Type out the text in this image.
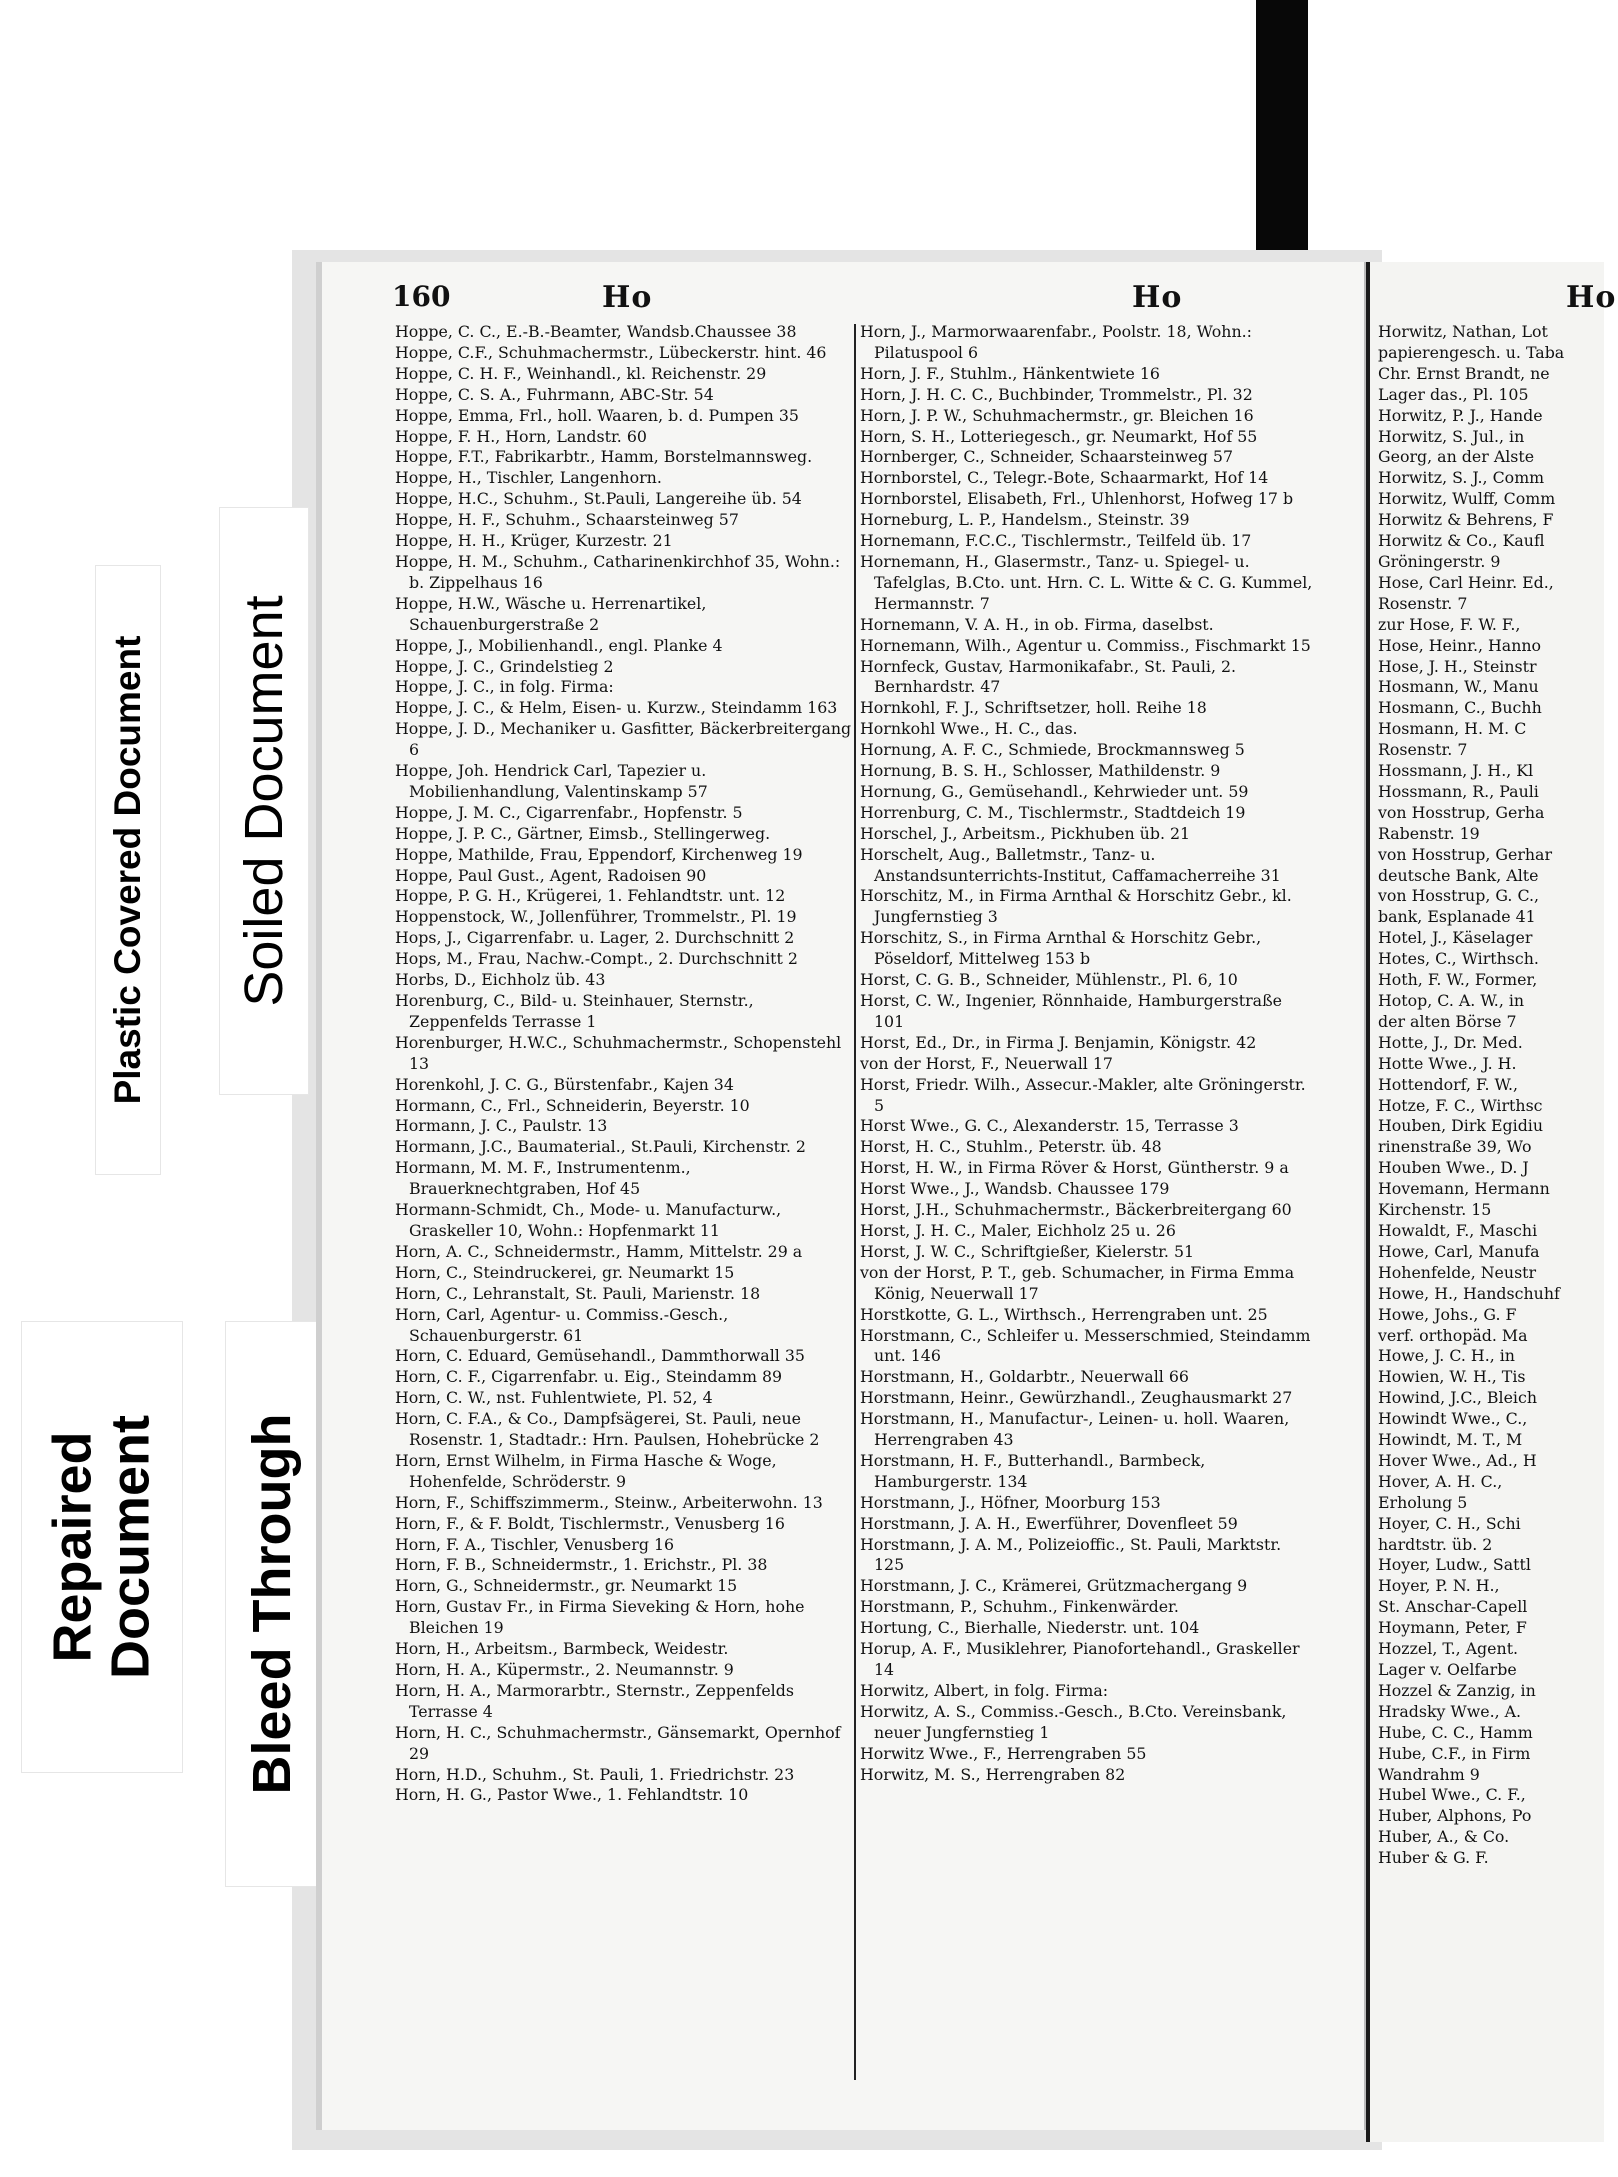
Plastic Covered Document Soiled Document
Repaired
Document Bleed Through
160	Ho	Ho

Hoppe, C. C., E.-B.-Beamter, Wandsb.Chaussee 38

Hoppe, C.F., Schuhmachermstr., Lübeckerstr. hint. 46

Hoppe, C. H. F., Weinhandl., kl. Reichenstr. 29

Hoppe, C. S. A., Fuhrmann, ABC-Str. 54

Hoppe, Emma, Frl., holl. Waaren, b. d. Pumpen 35

Hoppe, F. H., Horn, Landstr. 60

Hoppe, F.T., Fabrikarbtr., Hamm, Borstelmannsweg.

Hoppe, H., Tischler, Langenhorn.

Hoppe, H.C., Schuhm., St.Pauli, Langereihe üb. 54

Hoppe, H. F., Schuhm., Schaarsteinweg 57

Hoppe, H. H., Krüger, Kurzestr. 21

Hoppe, H. M., Schuhm., Catharinenkirchhof 35, Wohn.: b. Zippelhaus 16

Hoppe, H.W., Wäsche u. Herrenartikel, Schauenburgerstraße 2

Hoppe, J., Mobilienhandl., engl. Planke 4

Hoppe, J. C., Grindelstieg 2

Hoppe, J. C., in folg. Firma:

Hoppe, J. C., & Helm, Eisen- u. Kurzw., Steindamm 163

Hoppe, J. D., Mechaniker u. Gasfitter, Bäckerbreitergang 6

Hoppe, Joh. Hendrick Carl, Tapezier u. Mobilienhandlung, Valentinskamp 57

Hoppe, J. M. C., Cigarrenfabr., Hopfenstr. 5

Hoppe, J. P. C., Gärtner, Eimsb., Stellingerweg.

Hoppe, Mathilde, Frau, Eppendorf, Kirchenweg 19

Hoppe, Paul Gust., Agent, Radoisen 90

Hoppe, P. G. H., Krügerei, 1. Fehlandtstr. unt. 12

Hoppenstock, W., Jollenführer, Trommelstr., Pl. 19

Hops, J., Cigarrenfabr. u. Lager, 2. Durchschnitt 2

Hops, M., Frau, Nachw.-Compt., 2. Durchschnitt 2

Horbs, D., Eichholz üb. 43

Horenburg, C., Bild- u. Steinhauer, Sternstr., Zeppenfelds Terrasse 1

Horenburger, H.W.C., Schuhmachermstr., Schopenstehl 13

Horenkohl, J. C. G., Bürstenfabr., Kajen 34

Hormann, C., Frl., Schneiderin, Beyerstr. 10

Hormann, J. C., Paulstr. 13

Hormann, J.C., Baumaterial., St.Pauli, Kirchenstr. 2

Hormann, M. M. F., Instrumentenm., Brauerknechtgraben, Hof 45

Hormann-Schmidt, Ch., Mode- u. Manufacturw., Graskeller 10, Wohn.: Hopfenmarkt 11

Horn, A. C., Schneidermstr., Hamm, Mittelstr. 29 a

Horn, C., Steindruckerei, gr. Neumarkt 15

Horn, C., Lehranstalt, St. Pauli, Marienstr. 18

Horn, Carl, Agentur- u. Commiss.-Gesch., Schauenburgerstr. 61

Horn, C. Eduard, Gemüsehandl., Dammthorwall 35

Horn, C. F., Cigarrenfabr. u. Eig., Steindamm 89

Horn, C. W., nst. Fuhlentwiete, Pl. 52, 4

Horn, C. F.A., & Co., Dampfsägerei, St. Pauli, neue Rosenstr. 1, Stadtadr.: Hrn. Paulsen, Hohebrücke 2

Horn, Ernst Wilhelm, in Firma Hasche & Woge, Hohenfelde, Schröderstr. 9

Horn, F., Schiffszimmerm., Steinw., Arbeiterwohn. 13

Horn, F., & F. Boldt, Tischlermstr., Venusberg 16

Horn, F. A., Tischler, Venusberg 16

Horn, F. B., Schneidermstr., 1. Erichstr., Pl. 38

Horn, G., Schneidermstr., gr. Neumarkt 15

Horn, Gustav Fr., in Firma Sieveking & Horn, hohe Bleichen 19

Horn, H., Arbeitsm., Barmbeck, Weidestr.

Horn, H. A., Küpermstr., 2. Neumannstr. 9

Horn, H. A., Marmorarbtr., Sternstr., Zeppenfelds Terrasse 4

Horn, H. C., Schuhmachermstr., Gänsemarkt, Opernhof 29

Horn, H.D., Schuhm., St. Pauli, 1. Friedrichstr. 23

Horn, H. G., Pastor Wwe., 1. Fehlandtstr. 10

Horn, J., Marmorwaarenfabr., Poolstr. 18, Wohn.: Pilatuspool 6

Horn, J. F., Stuhlm., Hänkentwiete 16

Horn, J. H. C. C., Buchbinder, Trommelstr., Pl. 32

Horn, J. P. W., Schuhmachermstr., gr. Bleichen 16

Horn, S. H., Lotteriegesch., gr. Neumarkt, Hof 55

Hornberger, C., Schneider, Schaarsteinweg 57

Hornborstel, C., Telegr.-Bote, Schaarmarkt, Hof 14

Hornborstel, Elisabeth, Frl., Uhlenhorst, Hofweg 17 b

Horneburg, L. P., Handelsm., Steinstr. 39

Hornemann, F.C.C., Tischlermstr., Teilfeld üb. 17

Hornemann, H., Glasermstr., Tanz- u. Spiegel- u. Tafelglas, B.Cto. unt. Hrn. C. L. Witte & C. G. Kummel, Hermannstr. 7

Hornemann, V. A. H., in ob. Firma, daselbst.

Hornemann, Wilh., Agentur u. Commiss., Fischmarkt 15

Hornfeck, Gustav, Harmonikafabr., St. Pauli, 2. Bernhardstr. 47

Hornkohl, F. J., Schriftsetzer, holl. Reihe 18

Hornkohl Wwe., H. C., das.

Hornung, A. F. C., Schmiede, Brockmannsweg 5

Hornung, B. S. H., Schlosser, Mathildenstr. 9

Hornung, G., Gemüsehandl., Kehrwieder unt. 59

Horrenburg, C. M., Tischlermstr., Stadtdeich 19

Horschel, J., Arbeitsm., Pickhuben üb. 21

Horschelt, Aug., Balletmstr., Tanz- u. Anstandsunterrichts-Institut, Caffamacherreihe 31

Horschitz, M., in Firma Arnthal & Horschitz Gebr., kl. Jungfernstieg 3

Horschitz, S., in Firma Arnthal & Horschitz Gebr., Pöseldorf, Mittelweg 153 b

Horst, C. G. B., Schneider, Mühlenstr., Pl. 6, 10

Horst, C. W., Ingenier, Rönnhaide, Hamburgerstraße 101

Horst, Ed., Dr., in Firma J. Benjamin, Königstr. 42

von der Horst, F., Neuerwall 17

Horst, Friedr. Wilh., Assecur.-Makler, alte Gröningerstr. 5

Horst Wwe., G. C., Alexanderstr. 15, Terrasse 3

Horst, H. C., Stuhlm., Peterstr. üb. 48

Horst, H. W., in Firma Röver & Horst, Güntherstr. 9 a

Horst Wwe., J., Wandsb. Chaussee 179

Horst, J.H., Schuhmachermstr., Bäckerbreitergang 60

Horst, J. H. C., Maler, Eichholz 25 u. 26

Horst, J. W. C., Schriftgießer, Kielerstr. 51

von der Horst, P. T., geb. Schumacher, in Firma Emma König, Neuerwall 17

Horstkotte, G. L., Wirthsch., Herrengraben unt. 25

Horstmann, C., Schleifer u. Messerschmied, Steindamm unt. 146

Horstmann, H., Goldarbtr., Neuerwall 66

Horstmann, Heinr., Gewürzhandl., Zeughausmarkt 27

Horstmann, H., Manufactur-, Leinen- u. holl. Waaren, Herrengraben 43

Horstmann, H. F., Butterhandl., Barmbeck, Hamburgerstr. 134

Horstmann, J., Höfner, Moorburg 153

Horstmann, J. A. H., Ewerführer, Dovenfleet 59

Horstmann, J. A. M., Polizeioffic., St. Pauli, Marktstr. 125

Horstmann, J. C., Krämerei, Grützmachergang 9

Horstmann, P., Schuhm., Finkenwärder.

Hortung, C., Bierhalle, Niederstr. unt. 104

Horup, A. F., Musiklehrer, Pianofortehandl., Graskeller 14

Horwitz, Albert, in folg. Firma:

Horwitz, A. S., Commiss.-Gesch., B.Cto. Vereinsbank, neuer Jungfernstieg 1

Horwitz Wwe., F., Herrengraben 55

Horwitz, M. S., Herrengraben 82

Ho

Horwitz, Nathan, Lot

papierengesch. u. Taba

Chr. Ernst Brandt, ne

Lager das., Pl. 105

Horwitz, P. J., Hande

Horwitz, S. Jul., in

Georg, an der Alste

Horwitz, S. J., Comm

Horwitz, Wulff, Comm

Horwitz & Behrens, F

Horwitz & Co., Kaufl

Gröningerstr. 9

Hose, Carl Heinr. Ed.,

Rosenstr. 7

zur Hose, F. W. F.,

Hose, Heinr., Hanno

Hose, J. H., Steinstr

Hosmann, W., Manu

Hosmann, C., Buchh

Hosmann, H. M. C

Rosenstr. 7

Hossmann, J. H., Kl

Hossmann, R., Pauli

von Hosstrup, Gerha

Rabenstr. 19

von Hosstrup, Gerhar

deutsche Bank, Alte

von Hosstrup, G. C.,

bank, Esplanade 41

Hotel, J., Käselager

Hotes, C., Wirthsch.

Hoth, F. W., Former,

Hotop, C. A. W., in

der alten Börse 7

Hotte, J., Dr. Med.

Hotte Wwe., J. H.

Hottendorf, F. W.,

Hotze, F. C., Wirthsc

Houben, Dirk Egidiu

rinenstraße 39, Wo

Houben Wwe., D. J

Hovemann, Hermann

Kirchenstr. 15

Howaldt, F., Maschi

Howe, Carl, Manufa

Hohenfelde, Neustr

Howe, H., Handschuhf

Howe, Johs., G. F

verf. orthopäd. Ma

Howe, J. C. H., in

Howien, W. H., Tis

Howind, J.C., Bleich

Howindt Wwe., C.,

Howindt, M. T., M

Hover Wwe., Ad., H

Hover, A. H. C.,

Erholung 5

Hoyer, C. H., Schi

hardtstr. üb. 2

Hoyer, Ludw., Sattl

Hoyer, P. N. H.,

St. Anschar-Capell

Hoymann, Peter, F

Hozzel, T., Agent.

Lager v. Oelfarbe

Hozzel & Zanzig, in

Hradsky Wwe., A.

Hube, C. C., Hamm

Hube, C.F., in Firm

Wandrahm 9

Hubel Wwe., C. F.,

Huber, Alphons, Po

Huber, A., & Co.

Huber & G. F.
